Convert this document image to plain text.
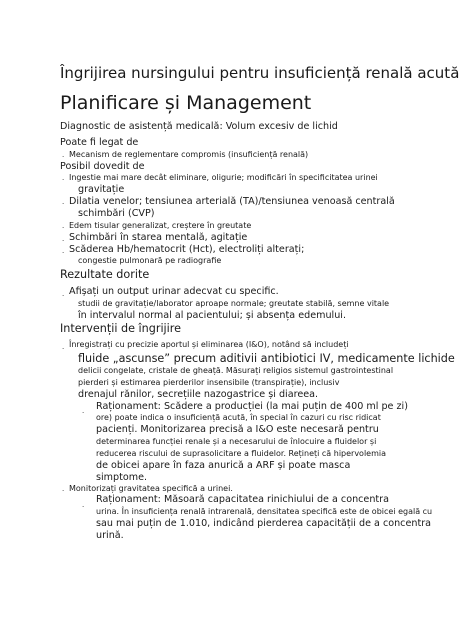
Îngrijirea nursingului pentru insuficiență renală acută
Planificare și Management
Diagnostic de asistență medicală: Volum excesiv de lichid
Poate fi legat de
. Mecanism de reglementare compromis (insuficiență renală)
Posibil dovedit de
. Ingestie mai mare decât eliminare, oligurie; modificări în specificitatea urinei
gravitație
. Dilatia venelor; tensiunea arterială (TA)/tensiunea venoasă centrală
schimbări (CVP)
. Edem tisular generalizat, creștere în greutate
. Schimbări în starea mentală, agitație
. Scăderea Hb/hematocrit (Hct), electroliți alterați;
congestie pulmonară pe radiografie
Rezultate dorite
. Afișați un output urinar adecvat cu specific.
studii de gravitație/laborator aproape normale; greutate stabilă, semne vitale
în intervalul normal al pacientului; și absența edemului.
Intervenții de îngrijire
. Înregistrați cu precizie aportul și eliminarea (I&O), notând să includeți
fluide „ascunse” precum aditivii antibiotici IV, medicamente lichide
delicii congelate, cristale de gheață. Măsurați religios sistemul gastrointestinal
pierderi și estimarea pierderilor insensibile (transpirație), inclusiv
drenajul rănilor, secrețiile nazogastrice și diareea.
. Raționament: Scădere a producției (la mai puțin de 400 ml pe zi)
ore) poate indica o insuficiență acută, în special în cazuri cu risc ridicat
pacienți. Monitorizarea precisă a I&O este necesară pentru
determinarea funcției renale și a necesarului de înlocuire a fluidelor și
reducerea riscului de suprasolicitare a fluidelor. Rețineți că hipervolemia
de obicei apare în faza anurică a ARF și poate masca
simptome.
. Monitorizați gravitatea specifică a urinei.
. Raționament: Măsoară capacitatea rinichiului de a concentra
urina. În insuficiența renală intrarenală, densitatea specifică este de obicei egală cu
sau mai puțin de 1.010, indicând pierderea capacității de a concentra
urină.
